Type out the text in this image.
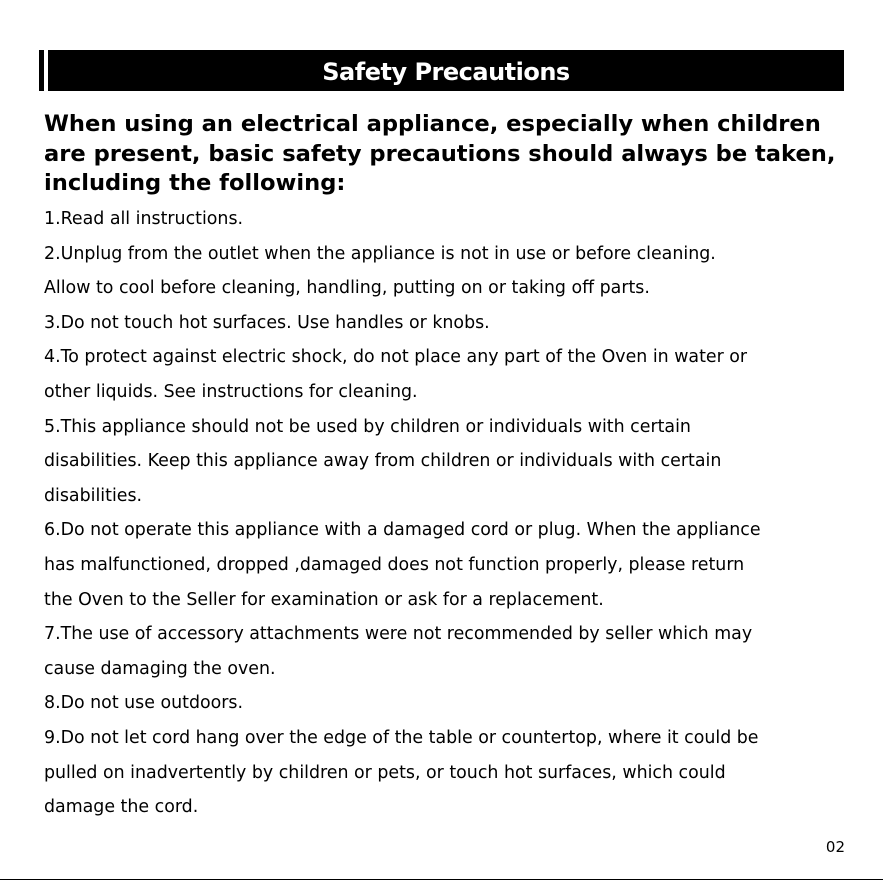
Safety Precautions

When using an electrical appliance, especially when children are present, basic safety precautions should always be taken, including the following:

1.Read all instructions.
2.Unplug from the outlet when the appliance is not in use or before cleaning.
Allow to cool before cleaning, handling, putting on or taking off parts.
3.Do not touch hot surfaces. Use handles or knobs.
4.To protect against electric shock, do not place any part of the Oven in water or
other liquids. See instructions for cleaning.
5.This appliance should not be used by children or individuals with certain
disabilities. Keep this appliance away from children or individuals with certain
disabilities.
6.Do not operate this appliance with a damaged cord or plug. When the appliance
has malfunctioned, dropped ,damaged does not function properly, please return
the Oven to the Seller for examination or ask for a replacement.
7.The use of accessory attachments were not recommended by seller which may
cause damaging the oven.
8.Do not use outdoors.
9.Do not let cord hang over the edge of the table or countertop, where it could be
pulled on inadvertently by children or pets, or touch hot surfaces, which could
damage the cord.
02
